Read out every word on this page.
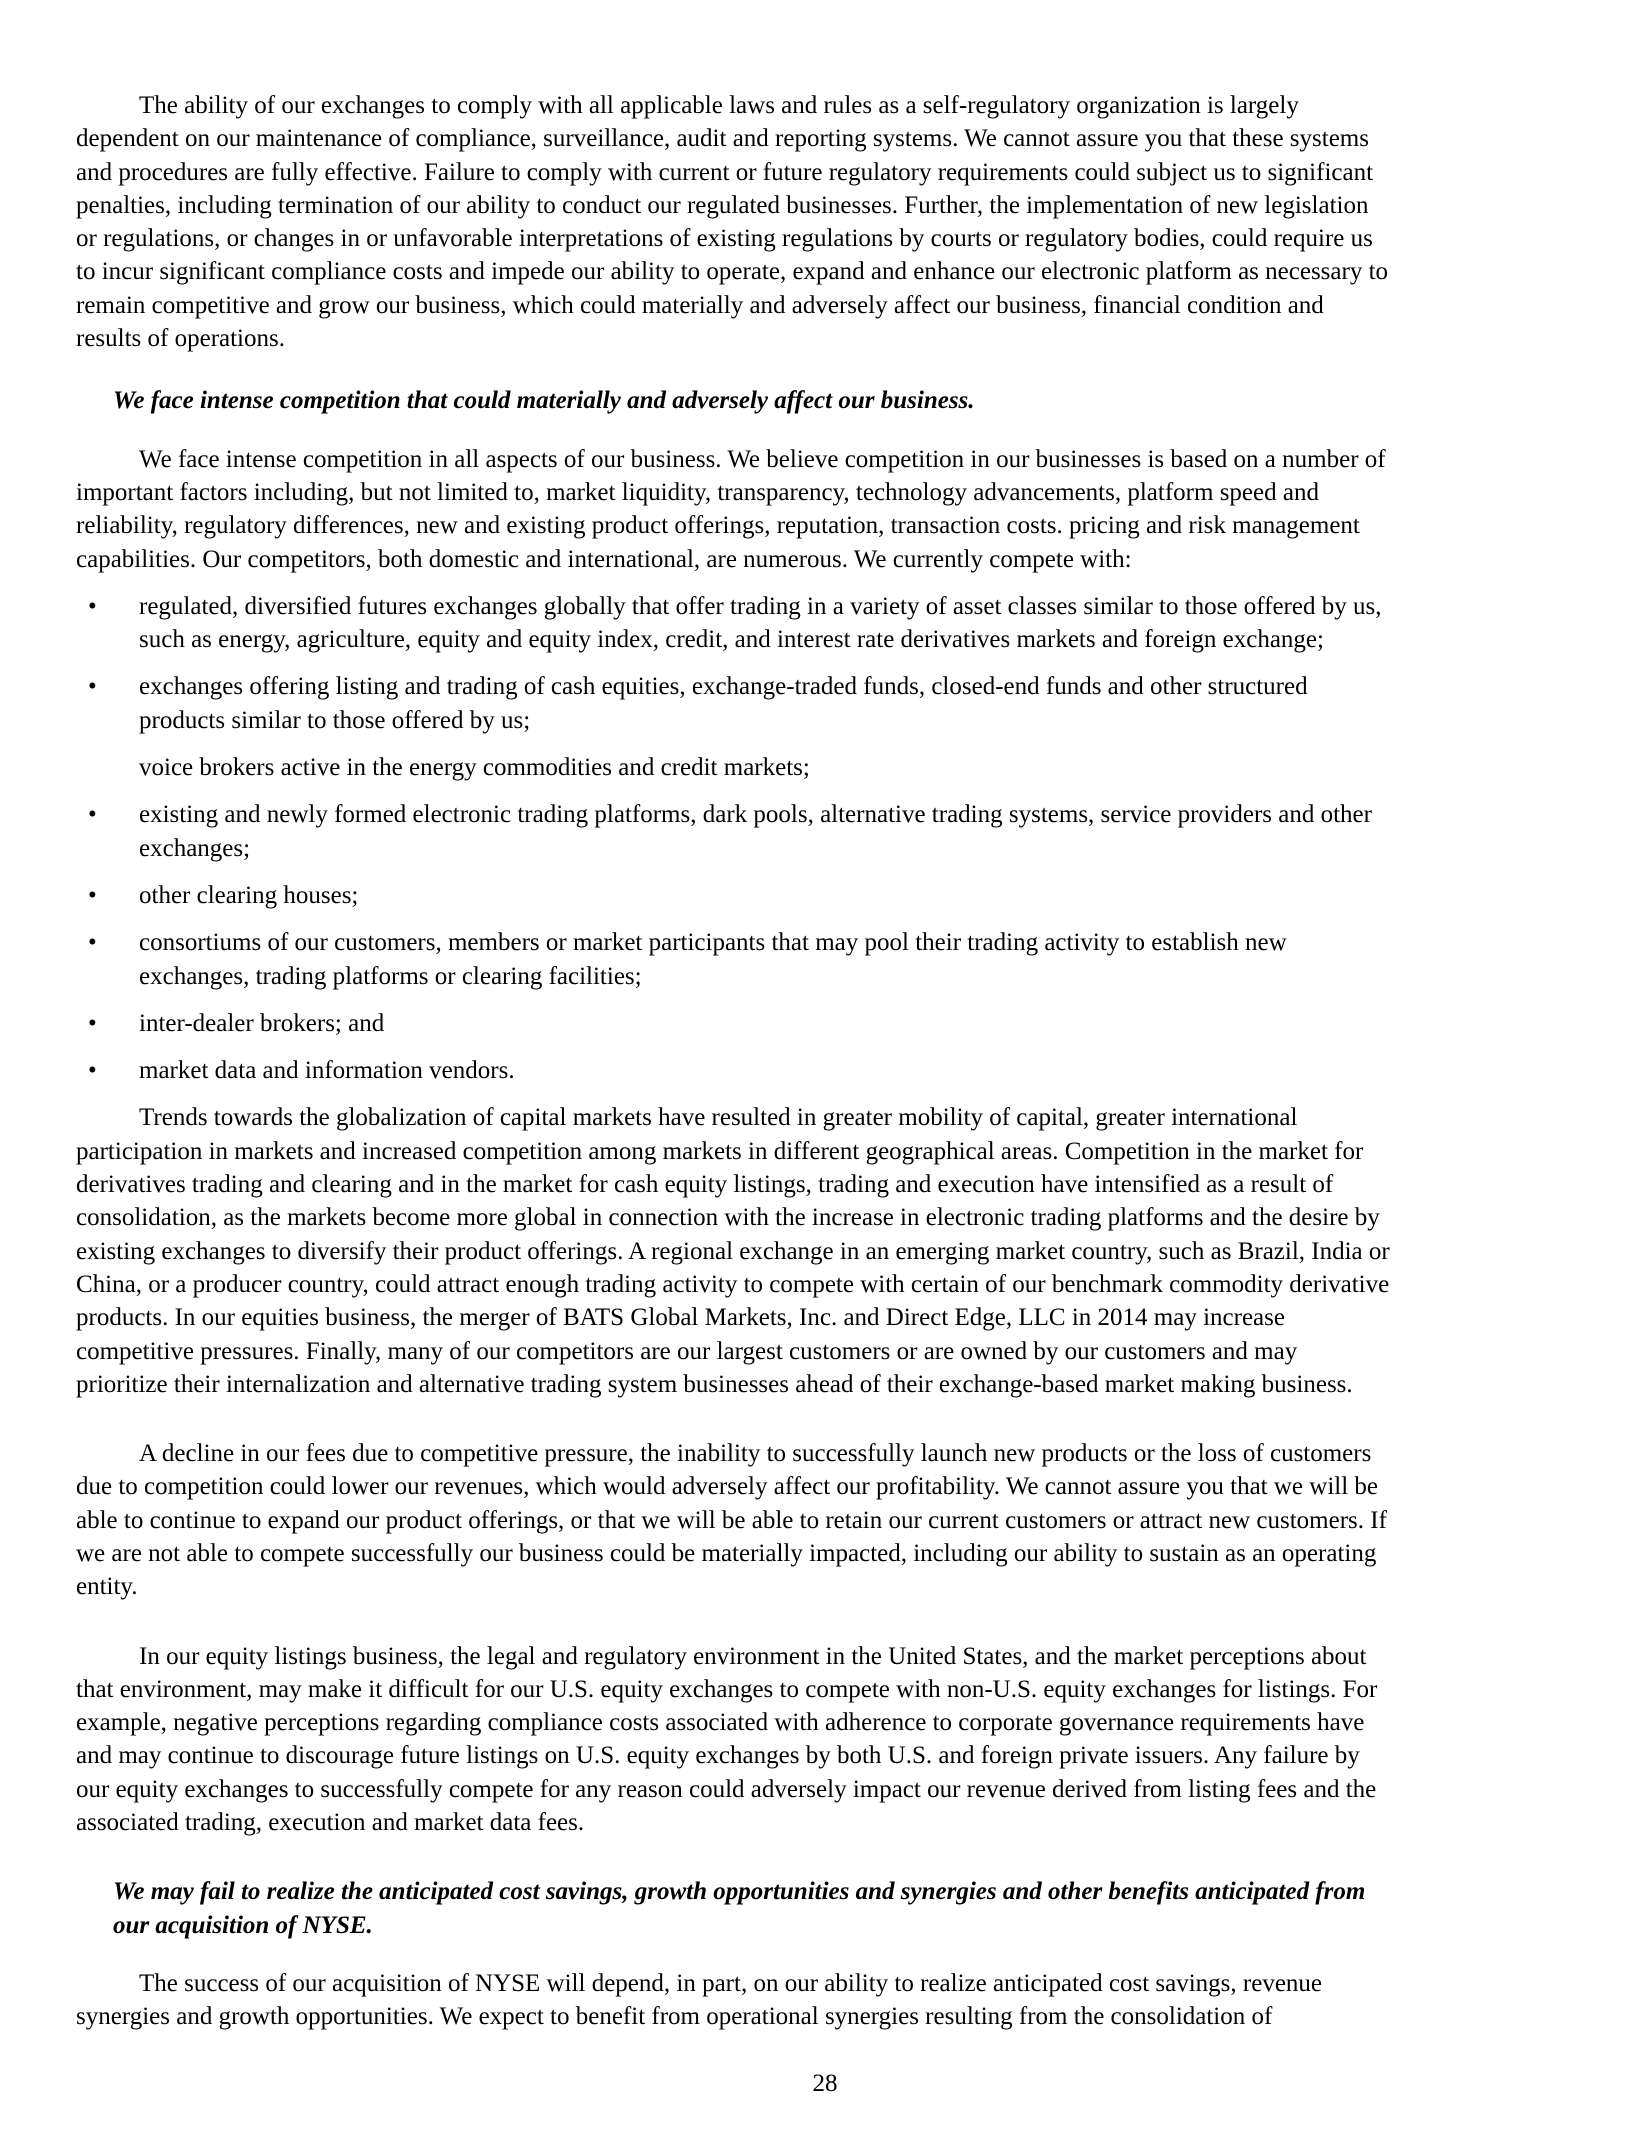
The ability of our exchanges to comply with all applicable laws and rules as a self-regulatory organization is largely
dependent on our maintenance of compliance, surveillance, audit and reporting systems. We cannot assure you that these systems
and procedures are fully effective. Failure to comply with current or future regulatory requirements could subject us to significant
penalties, including termination of our ability to conduct our regulated businesses. Further, the implementation of new legislation
or regulations, or changes in or unfavorable interpretations of existing regulations by courts or regulatory bodies, could require us
to incur significant compliance costs and impede our ability to operate, expand and enhance our electronic platform as necessary to
remain competitive and grow our business, which could materially and adversely affect our business, financial condition and
results of operations.
We face intense competition that could materially and adversely affect our business.
We face intense competition in all aspects of our business. We believe competition in our businesses is based on a number of
important factors including, but not limited to, market liquidity, transparency, technology advancements, platform speed and
reliability, regulatory differences, new and existing product offerings, reputation, transaction costs. pricing and risk management
capabilities. Our competitors, both domestic and international, are numerous. We currently compete with:
• regulated, diversified futures exchanges globally that offer trading in a variety of asset classes similar to those offered by us,
such as energy, agriculture, equity and equity index, credit, and interest rate derivatives markets and foreign exchange;
• exchanges offering listing and trading of cash equities, exchange-traded funds, closed-end funds and other structured
products similar to those offered by us;
voice brokers active in the energy commodities and credit markets;
• existing and newly formed electronic trading platforms, dark pools, alternative trading systems, service providers and other
exchanges;
• other clearing houses;
• consortiums of our customers, members or market participants that may pool their trading activity to establish new
exchanges, trading platforms or clearing facilities;
• inter-dealer brokers; and
• market data and information vendors.
Trends towards the globalization of capital markets have resulted in greater mobility of capital, greater international
participation in markets and increased competition among markets in different geographical areas. Competition in the market for
derivatives trading and clearing and in the market for cash equity listings, trading and execution have intensified as a result of
consolidation, as the markets become more global in connection with the increase in electronic trading platforms and the desire by
existing exchanges to diversify their product offerings. A regional exchange in an emerging market country, such as Brazil, India or
China, or a producer country, could attract enough trading activity to compete with certain of our benchmark commodity derivative
products. In our equities business, the merger of BATS Global Markets, Inc. and Direct Edge, LLC in 2014 may increase
competitive pressures. Finally, many of our competitors are our largest customers or are owned by our customers and may
prioritize their internalization and alternative trading system businesses ahead of their exchange-based market making business.
A decline in our fees due to competitive pressure, the inability to successfully launch new products or the loss of customers
due to competition could lower our revenues, which would adversely affect our profitability. We cannot assure you that we will be
able to continue to expand our product offerings, or that we will be able to retain our current customers or attract new customers. If
we are not able to compete successfully our business could be materially impacted, including our ability to sustain as an operating
entity.
In our equity listings business, the legal and regulatory environment in the United States, and the market perceptions about
that environment, may make it difficult for our U.S. equity exchanges to compete with non-U.S. equity exchanges for listings. For
example, negative perceptions regarding compliance costs associated with adherence to corporate governance requirements have
and may continue to discourage future listings on U.S. equity exchanges by both U.S. and foreign private issuers. Any failure by
our equity exchanges to successfully compete for any reason could adversely impact our revenue derived from listing fees and the
associated trading, execution and market data fees.
We may fail to realize the anticipated cost savings, growth opportunities and synergies and other benefits anticipated from
our acquisition of NYSE.
The success of our acquisition of NYSE will depend, in part, on our ability to realize anticipated cost savings, revenue
synergies and growth opportunities. We expect to benefit from operational synergies resulting from the consolidation of
28
